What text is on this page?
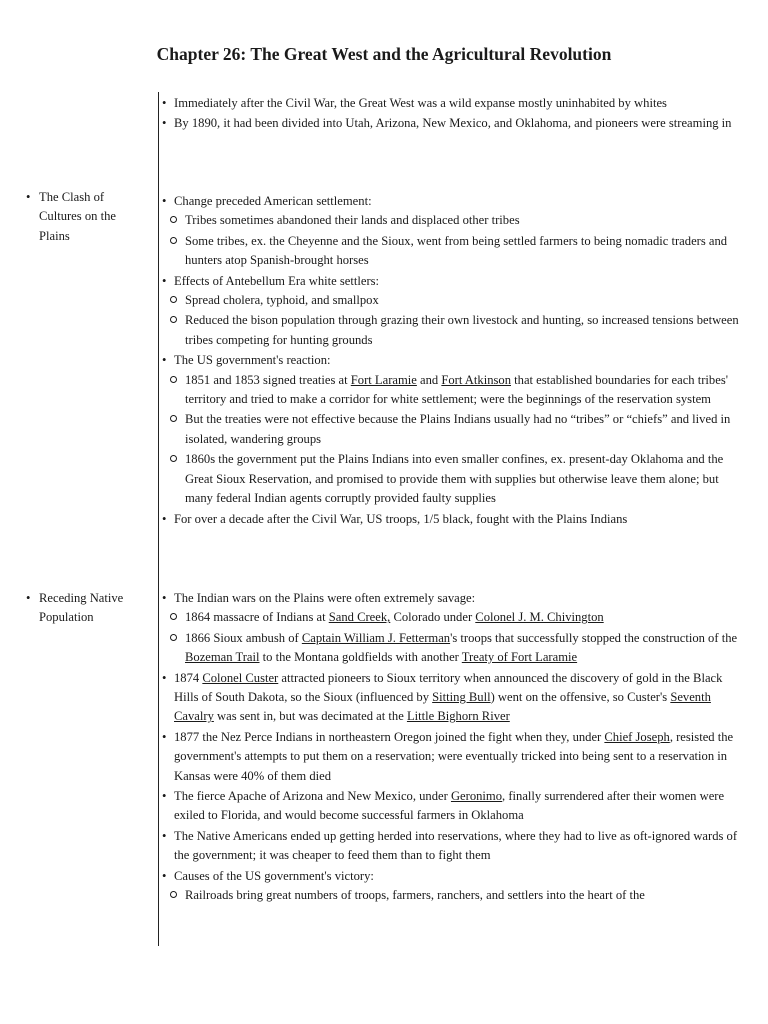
Chapter 26: The Great West and the Agricultural Revolution
• Immediately after the Civil War, the Great West was a wild expanse mostly uninhabited by whites
• By 1890, it had been divided into Utah, Arizona, New Mexico, and Oklahoma, and pioneers were streaming in
• The Clash of Cultures on the Plains
• Change preceded American settlement:
Tribes sometimes abandoned their lands and displaced other tribes
Some tribes, ex. the Cheyenne and the Sioux, went from being settled farmers to being nomadic traders and hunters atop Spanish-brought horses
• Effects of Antebellum Era white settlers:
Spread cholera, typhoid, and smallpox
Reduced the bison population through grazing their own livestock and hunting, so increased tensions between tribes competing for hunting grounds
• The US government's reaction:
1851 and 1853 signed treaties at Fort Laramie and Fort Atkinson that established boundaries for each tribes' territory and tried to make a corridor for white settlement; were the beginnings of the reservation system
But the treaties were not effective because the Plains Indians usually had no “tribes” or “chiefs” and lived in isolated, wandering groups
1860s the government put the Plains Indians into even smaller confines, ex. present-day Oklahoma and the Great Sioux Reservation, and promised to provide them with supplies but otherwise leave them alone; but many federal Indian agents corruptly provided faulty supplies
• For over a decade after the Civil War, US troops, 1/5 black, fought with the Plains Indians
• Receding Native Population
• The Indian wars on the Plains were often extremely savage:
1864 massacre of Indians at Sand Creek, Colorado under Colonel J. M. Chivington
1866 Sioux ambush of Captain William J. Fetterman's troops that successfully stopped the construction of the Bozeman Trail to the Montana goldfields with another Treaty of Fort Laramie
• 1874 Colonel Custer attracted pioneers to Sioux territory when announced the discovery of gold in the Black Hills of South Dakota, so the Sioux (influenced by Sitting Bull) went on the offensive, so Custer's Seventh Cavalry was sent in, but was decimated at the Little Bighorn River
• 1877 the Nez Perce Indians in northeastern Oregon joined the fight when they, under Chief Joseph, resisted the government's attempts to put them on a reservation; were eventually tricked into being sent to a reservation in Kansas were 40% of them died
• The fierce Apache of Arizona and New Mexico, under Geronimo, finally surrendered after their women were exiled to Florida, and would become successful farmers in Oklahoma
• The Native Americans ended up getting herded into reservations, where they had to live as oft-ignored wards of the government; it was cheaper to feed them than to fight them
• Causes of the US government's victory:
Railroads bring great numbers of troops, farmers, ranchers, and settlers into the heart of the
